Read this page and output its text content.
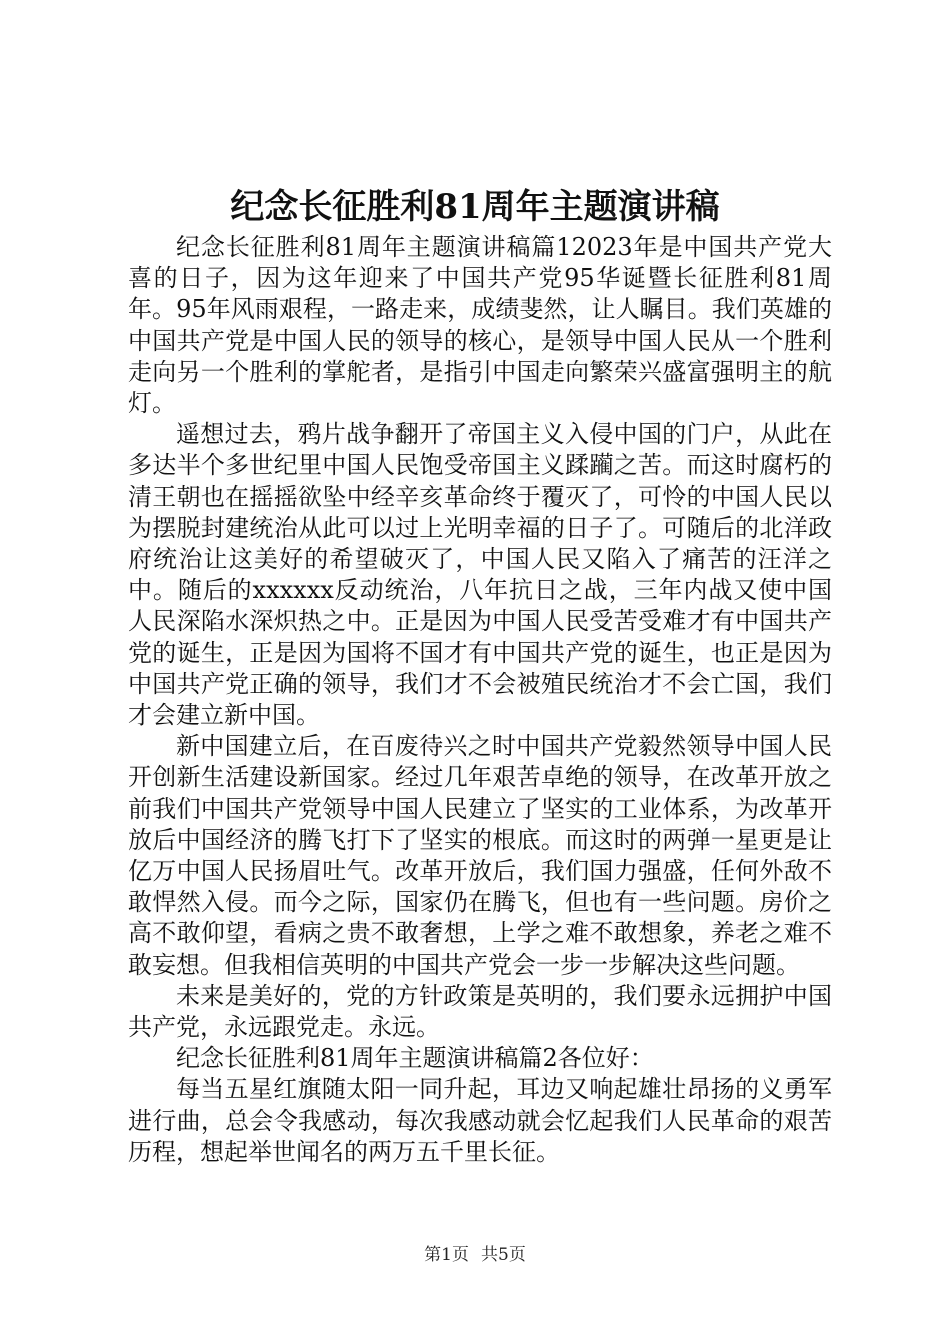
纪念长征胜利81周年主题演讲稿

纪念长征胜利81周年主题演讲稿篇12023年是中国共产党大喜的日子，因为这年迎来了中国共产党95华诞暨长征胜利81周年。95年风雨艰程，一路走来，成绩斐然，让人瞩目。我们英雄的中国共产党是中国人民的领导的核心，是领导中国人民从一个胜利走向另一个胜利的掌舵者，是指引中国走向繁荣兴盛富强明主的航灯。

遥想过去，鸦片战争翻开了帝国主义入侵中国的门户，从此在多达半个多世纪里中国人民饱受帝国主义蹂躏之苦。而这时腐朽的清王朝也在摇摇欲坠中经辛亥革命终于覆灭了，可怜的中国人民以为摆脱封建统治从此可以过上光明幸福的日子了。可随后的北洋政府统治让这美好的希望破灭了，中国人民又陷入了痛苦的汪洋之中。随后的xxxxxx反动统治，八年抗日之战，三年内战又使中国人民深陷水深炽热之中。正是因为中国人民受苦受难才有中国共产党的诞生，正是因为国将不国才有中国共产党的诞生，也正是因为中国共产党正确的领导，我们才不会被殖民统治才不会亡国，我们才会建立新中国。

新中国建立后，在百废待兴之时中国共产党毅然领导中国人民开创新生活建设新国家。经过几年艰苦卓绝的领导，在改革开放之前我们中国共产党领导中国人民建立了坚实的工业体系，为改革开放后中国经济的腾飞打下了坚实的根底。而这时的两弹一星更是让亿万中国人民扬眉吐气。改革开放后，我们国力强盛，任何外敌不敢悍然入侵。而今之际，国家仍在腾飞，但也有一些问题。房价之高不敢仰望，看病之贵不敢奢想，上学之难不敢想象，养老之难不敢妄想。但我相信英明的中国共产党会一步一步解决这些问题。

未来是美好的，党的方针政策是英明的，我们要永远拥护中国共产党，永远跟党走。永远。

纪念长征胜利81周年主题演讲稿篇2各位好：

每当五星红旗随太阳一同升起，耳边又响起雄壮昂扬的义勇军进行曲，总会令我感动，每次我感动就会忆起我们人民革命的艰苦历程，想起举世闻名的两万五千里长征。

第1页 共5页
